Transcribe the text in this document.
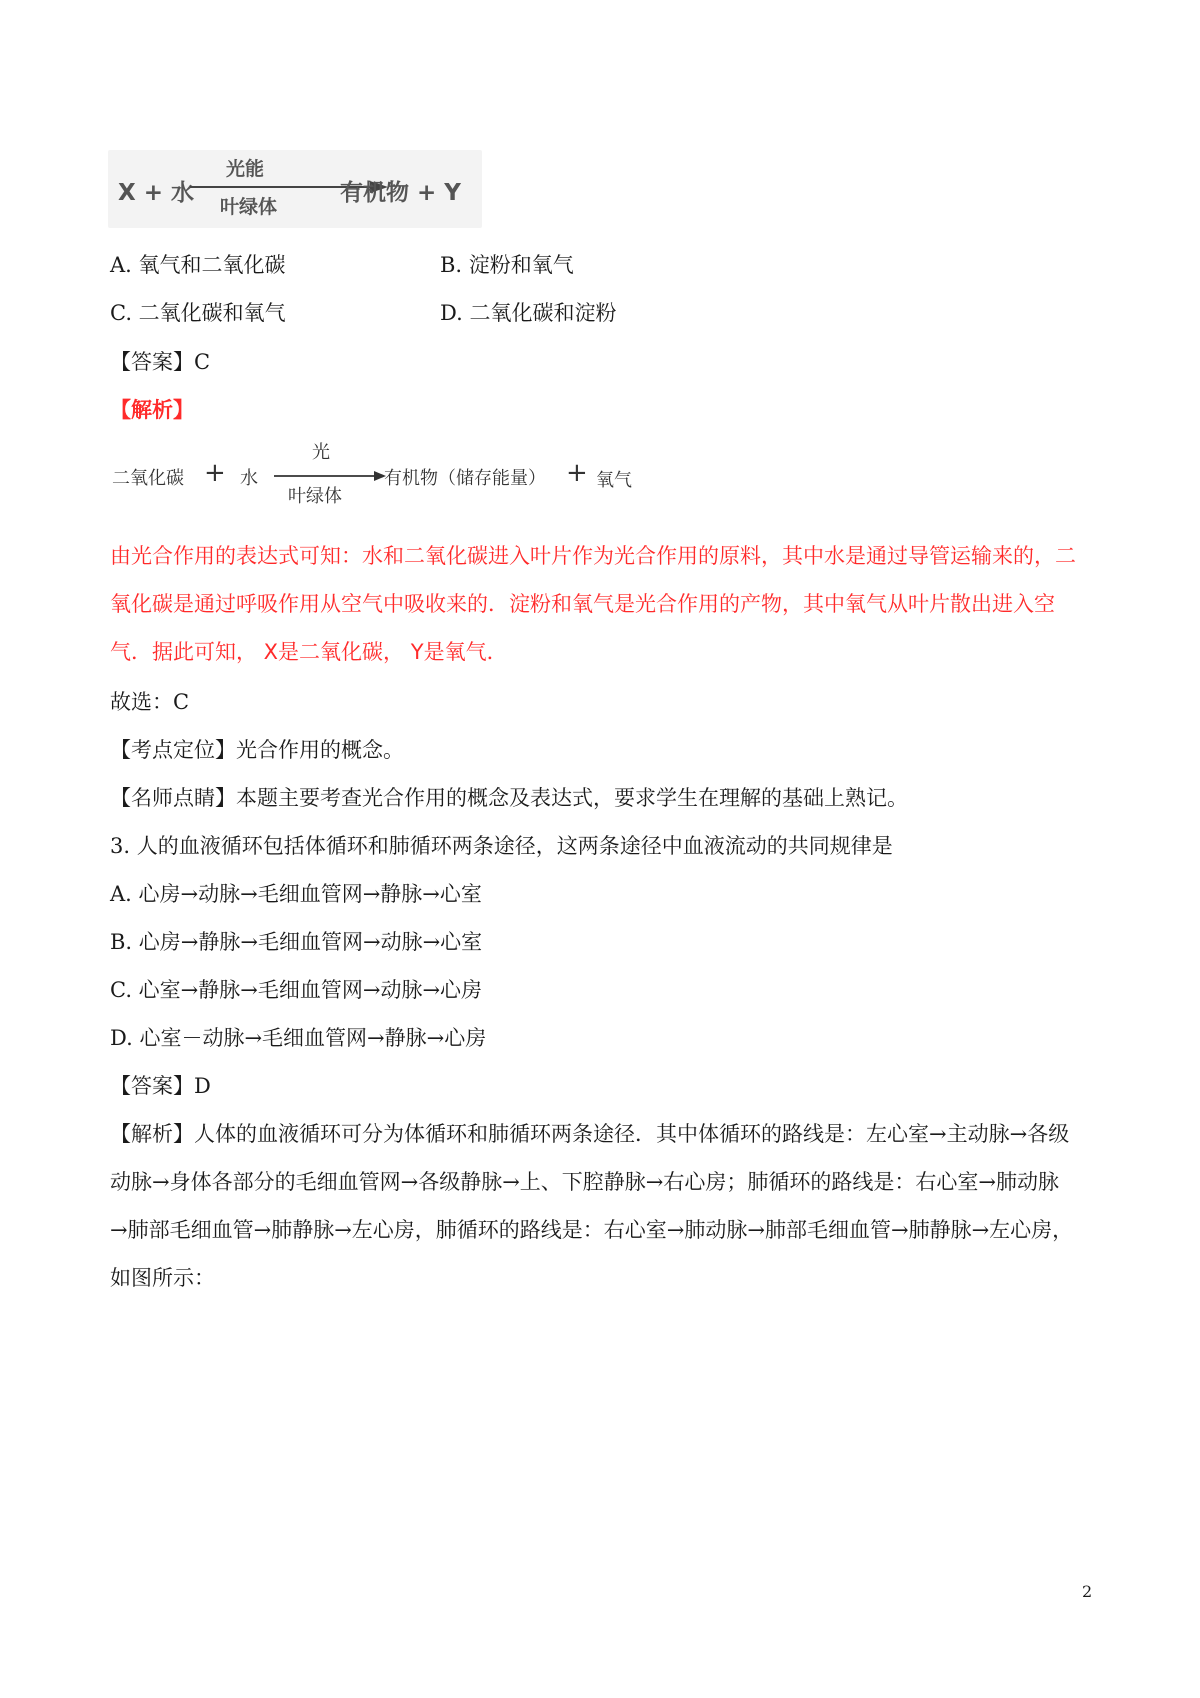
X + 水
光能
叶绿体
有机物 + Y
A. 氧气和二氧化碳	B. 淀粉和氧气
C. 二氧化碳和氧气	D. 二氧化碳和淀粉
【答案】C
【解析】
二氧化碳 + 水
光
叶绿体
有机物（储存能量） + 氧气
由光合作用的表达式可知：水和二氧化碳进入叶片作为光合作用的原料，其中水是通过导管运输来的，二
氧化碳是通过呼吸作用从空气中吸收来的．淀粉和氧气是光合作用的产物，其中氧气从叶片散出进入空
气．据此可知， X是二氧化碳， Y是氧气．
故选：C
【考点定位】光合作用的概念。
【名师点睛】本题主要考查光合作用的概念及表达式，要求学生在理解的基础上熟记。
3. 人的血液循环包括体循环和肺循环两条途径，这两条途径中血液流动的共同规律是
A. 心房→动脉→毛细血管网→静脉→心室
B. 心房→静脉→毛细血管网→动脉→心室
C. 心室→静脉→毛细血管网→动脉→心房
D. 心室－动脉→毛细血管网→静脉→心房
【答案】D
【解析】人体的血液循环可分为体循环和肺循环两条途径．其中体循环的路线是：左心室→主动脉→各级
动脉→身体各部分的毛细血管网→各级静脉→上、下腔静脉→右心房；肺循环的路线是：右心室→肺动脉
→肺部毛细血管→肺静脉→左心房，肺循环的路线是：右心室→肺动脉→肺部毛细血管→肺静脉→左心房，
如图所示：
2
